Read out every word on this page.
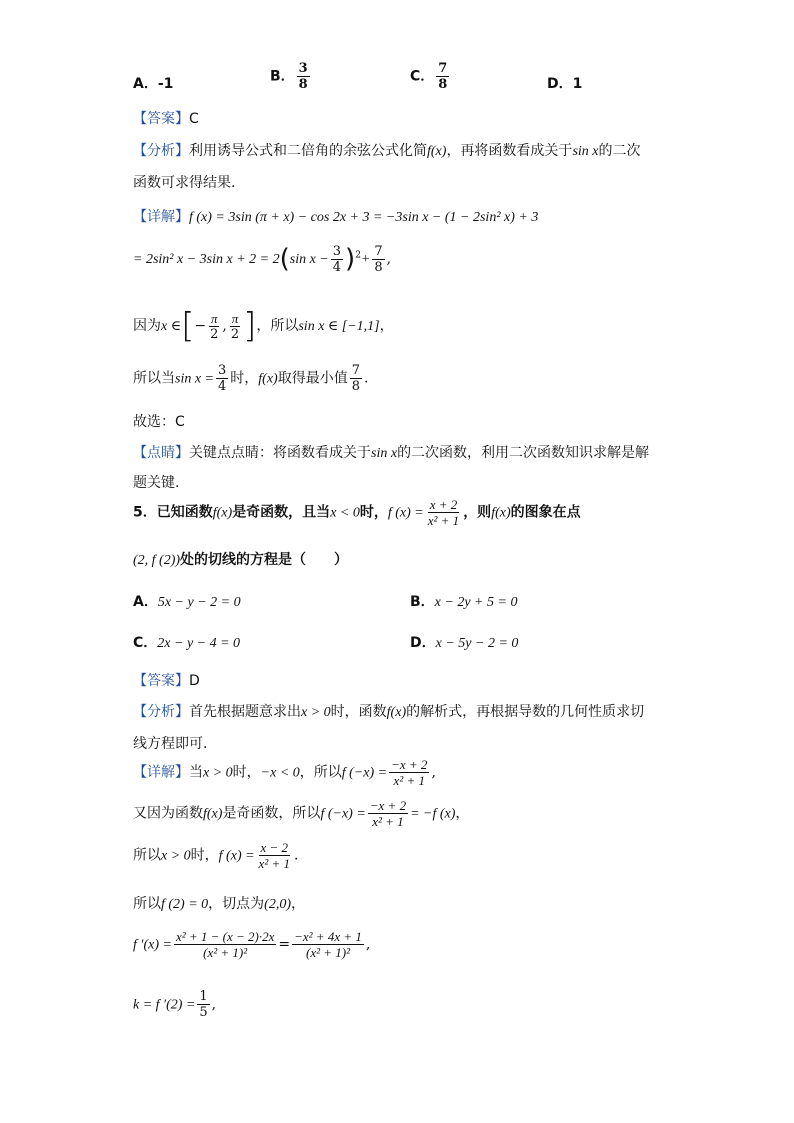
A．-1	B． $\frac{3}{8}$	C． $\frac{7}{8}$	D．1
【答案】C
【分析】利用诱导公式和二倍角的余弦公式化简f(x)，再将函数看成关于sin x的二次
函数可求得结果.
【详解】f (x) = 3sin (π + x) − cos 2x + 3 = −3sin x − (1 − 2sin² x) + 3
= 2sin² x − 3sin x + 2 = 2(sin $x - \frac{3}{4} )^2+ \frac{7}{8}$ ,
因为x ∈[− $\frac{\pi}{2}$ , $\frac{\pi}{2}$ ]，所以sin x ∈ [−1,1]，
所以当$\sin x = \frac{3}{4}$ 时，f(x)取得最小值 $\frac{7}{8}$ .
故选：C
【点睛】关键点点睛：将函数看成关于sin x的二次函数，利用二次函数知识求解是解
题关键.
5．已知函数f(x)是奇函数，且当x < 0时，f $(x) = \frac{x + 2}{\text{x² + 1}}$ ，则f(x)的图象在点
(2, f (2))处的切线的方程是（　　）
A．5x − y − 2 = 0	B．x − 2y + 5 = 0
C．2x − y − 4 = 0	D．x − 5y − 2 = 0
【答案】D
【分析】首先根据题意求出x > 0时，函数f(x)的解析式，再根据导数的几何性质求切
线方程即可.
【详解】当x > 0时，−x < 0，所以f $(-x) = \frac{-x + 2}{\text{x² + 1}}$ ,
又因为函数f(x)是奇函数，所以f $(-x) = \frac{-x + 2}{\text{x² + 1}} = -f$ (x)，
所以x > 0时，f $(x) = \frac{x - 2}{\text{x² + 1}}$ .
所以f (2) = 0，切点为(2,0)，
f $'(x) = \frac{\text{x² + 1 − (x − 2)·2x}}{\text{(x² + 1)²}} = \frac{\text{−x² + 4x + 1}}{\text{(x² + 1)²}}$ ,
k = f $'(2) = \frac{1}{5}$ ,
